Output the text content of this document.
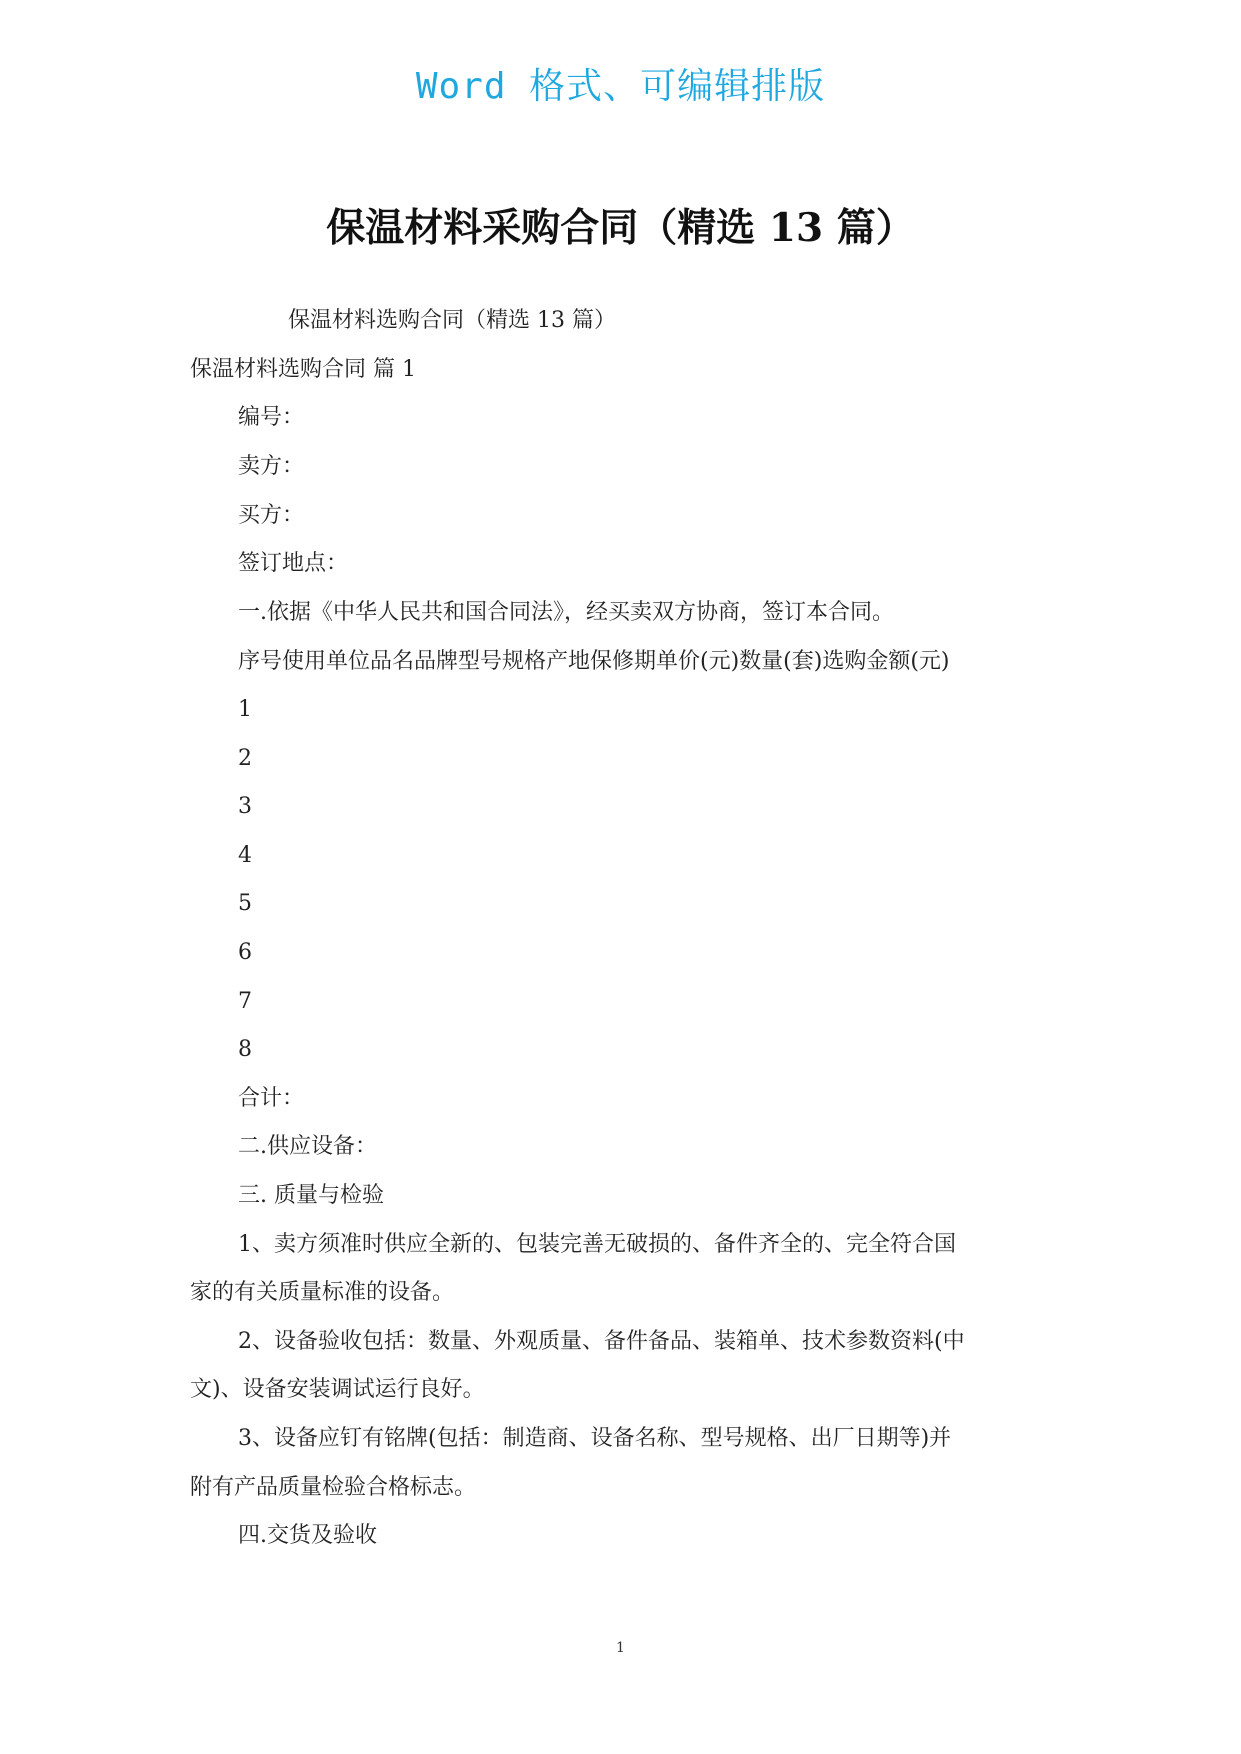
Word 格式、可编辑排版
保温材料采购合同（精选 13 篇）
保温材料选购合同（精选 13 篇）
保温材料选购合同 篇 1
编号：
卖方：
买方：
签订地点：
一.依据《中华人民共和国合同法》，经买卖双方协商，签订本合同。
序号使用单位品名品牌型号规格产地保修期单价(元)数量(套)选购金额(元)
1
2
3
4
5
6
7
8
合计：
二.供应设备：
三. 质量与检验
1、卖方须准时供应全新的、包装完善无破损的、备件齐全的、完全符合国
家的有关质量标准的设备。
2、设备验收包括：数量、外观质量、备件备品、装箱单、技术参数资料(中
文)、设备安装调试运行良好。
3、设备应钉有铭牌(包括：制造商、设备名称、型号规格、出厂日期等)并
附有产品质量检验合格标志。
四.交货及验收
1
